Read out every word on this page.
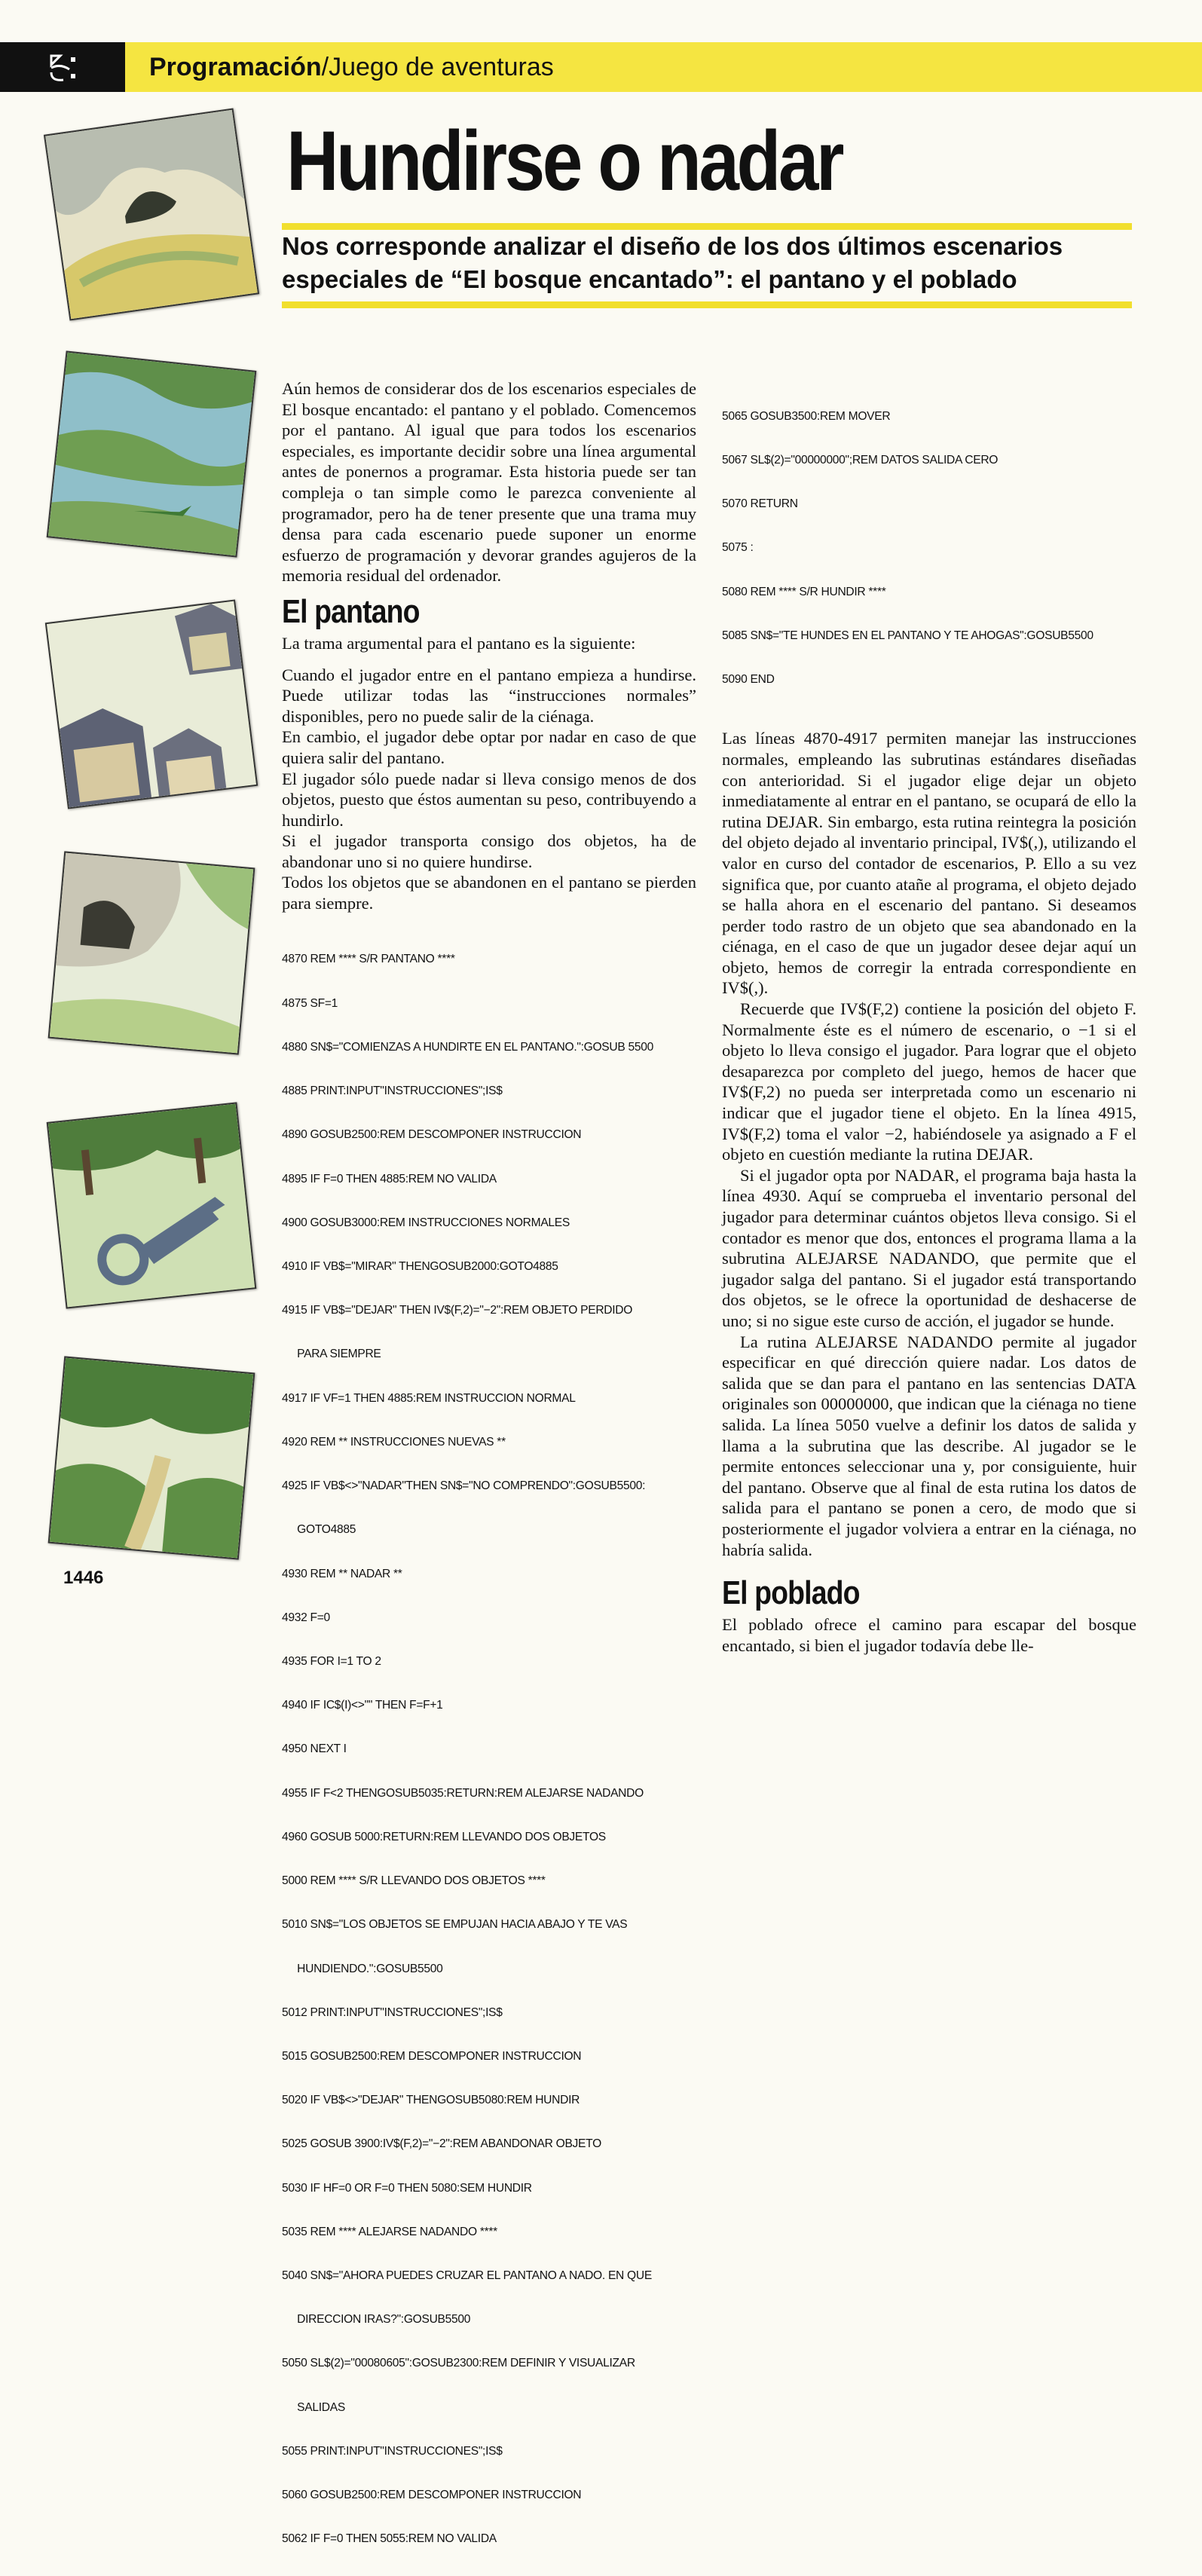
Programación/Juego de aventuras
Hundirse o nadar
Nos corresponde analizar el diseño de los dos últimos escenarios especiales de “El bosque encantado”: el pantano y el poblado

Aún hemos de considerar dos de los escenarios especiales de El bosque encantado: el pantano y el poblado. Comencemos por el pantano. Al igual que para todos los escenarios especiales, es importante decidir sobre una línea argumental antes de ponernos a programar. Esta historia puede ser tan compleja o tan simple como le parezca conveniente al programador, pero ha de tener presente que una trama muy densa para cada escenario puede suponer un enorme esfuerzo de programación y devorar grandes agujeros de la memoria residual del ordenador.

El pantano

La trama argumental para el pantano es la siguiente:

Cuando el jugador entre en el pantano empieza a hundirse. Puede utilizar todas las “instrucciones normales” disponibles, pero no puede salir de la ciénaga.

En cambio, el jugador debe optar por nadar en caso de que quiera salir del pantano.

El jugador sólo puede nadar si lleva consigo menos de dos objetos, puesto que éstos aumentan su peso, contribuyendo a hundirlo.

Si el jugador transporta consigo dos objetos, ha de abandonar uno si no quiere hundirse.

Todos los objetos que se abandonen en el pantano se pierden para siempre.

4870 REM **** S/R PANTANO ****

4875 SF=1

4880 SN$="COMIENZAS A HUNDIRTE EN EL PANTANO.":GOSUB 5500

4885 PRINT:INPUT"INSTRUCCIONES";IS$

4890 GOSUB2500:REM DESCOMPONER INSTRUCCION

4895 IF F=0 THEN 4885:REM NO VALIDA

4900 GOSUB3000:REM INSTRUCCIONES NORMALES

4910 IF VB$="MIRAR" THENGOSUB2000:GOTO4885

4915 IF VB$="DEJAR" THEN IV$(F,2)="−2":REM OBJETO PERDIDO

PARA SIEMPRE

4917 IF VF=1 THEN 4885:REM INSTRUCCION NORMAL

4920 REM ** INSTRUCCIONES NUEVAS **

4925 IF VB$<>"NADAR"THEN SN$="NO COMPRENDO":GOSUB5500:

GOTO4885

4930 REM ** NADAR **

4932 F=0

4935 FOR I=1 TO 2

4940 IF IC$(I)<>"" THEN F=F+1

4950 NEXT I

4955 IF F<2 THENGOSUB5035:RETURN:REM ALEJARSE NADANDO

4960 GOSUB 5000:RETURN:REM LLEVANDO DOS OBJETOS

5000 REM **** S/R LLEVANDO DOS OBJETOS ****

5010 SN$="LOS OBJETOS SE EMPUJAN HACIA ABAJO Y TE VAS

HUNDIENDO.":GOSUB5500

5012 PRINT:INPUT"INSTRUCCIONES";IS$

5015 GOSUB2500:REM DESCOMPONER INSTRUCCION

5020 IF VB$<>"DEJAR" THENGOSUB5080:REM HUNDIR

5025 GOSUB 3900:IV$(F,2)="−2":REM ABANDONAR OBJETO

5030 IF HF=0 OR F=0 THEN 5080:SEM HUNDIR

5035 REM **** ALEJARSE NADANDO ****

5040 SN$="AHORA PUEDES CRUZAR EL PANTANO A NADO. EN QUE

DIRECCION IRAS?":GOSUB5500

5050 SL$(2)="00080605":GOSUB2300:REM DEFINIR Y VISUALIZAR

SALIDAS

5055 PRINT:INPUT"INSTRUCCIONES";IS$

5060 GOSUB2500:REM DESCOMPONER INSTRUCCION

5062 IF F=0 THEN 5055:REM NO VALIDA

5065 GOSUB3500:REM MOVER

5067 SL$(2)="00000000";REM DATOS SALIDA CERO

5070 RETURN

5075 :

5080 REM **** S/R HUNDIR ****

5085 SN$="TE HUNDES EN EL PANTANO Y TE AHOGAS":GOSUB5500

5090 END

Las líneas 4870-4917 permiten manejar las instrucciones normales, empleando las subrutinas estándares diseñadas con anterioridad. Si el jugador elige dejar un objeto inmediatamente al entrar en el pantano, se ocupará de ello la rutina DEJAR. Sin embargo, esta rutina reintegra la posición del objeto dejado al inventario principal, IV$(,), utilizando el valor en curso del contador de escenarios, P. Ello a su vez significa que, por cuanto atañe al programa, el objeto dejado se halla ahora en el escenario del pantano. Si deseamos perder todo rastro de un objeto que sea abandonado en la ciénaga, en el caso de que un jugador desee dejar aquí un objeto, hemos de corregir la entrada correspondiente en IV$(,).

Recuerde que IV$(F,2) contiene la posición del objeto F. Normalmente éste es el número de escenario, o −1 si el objeto lo lleva consigo el jugador. Para lograr que el objeto desaparezca por completo del juego, hemos de hacer que IV$(F,2) no pueda ser interpretada como un escenario ni indicar que el jugador tiene el objeto. En la línea 4915, IV$(F,2) toma el valor −2, habiéndosele ya asignado a F el objeto en cuestión mediante la rutina DEJAR.

Si el jugador opta por NADAR, el programa baja hasta la línea 4930. Aquí se comprueba el inventario personal del jugador para determinar cuántos objetos lleva consigo. Si el contador es menor que dos, entonces el programa llama a la subrutina ALEJARSE NADANDO, que permite que el jugador salga del pantano. Si el jugador está transportando dos objetos, se le ofrece la oportunidad de deshacerse de uno; si no sigue este curso de acción, el jugador se hunde.

La rutina ALEJARSE NADANDO permite al jugador especificar en qué dirección quiere nadar. Los datos de salida que se dan para el pantano en las sentencias DATA originales son 00000000, que indican que la ciénaga no tiene salida. La línea 5050 vuelve a definir los datos de salida y llama a la subrutina que las describe. Al jugador se le permite entonces seleccionar una y, por consiguiente, huir del pantano. Observe que al final de esta rutina los datos de salida para el pantano se ponen a cero, de modo que si posteriormente el jugador volviera a entrar en la ciénaga, no habría salida.

El poblado

El poblado ofrece el camino para escapar del bosque encantado, si bien el jugador todavía debe lle-

1446
